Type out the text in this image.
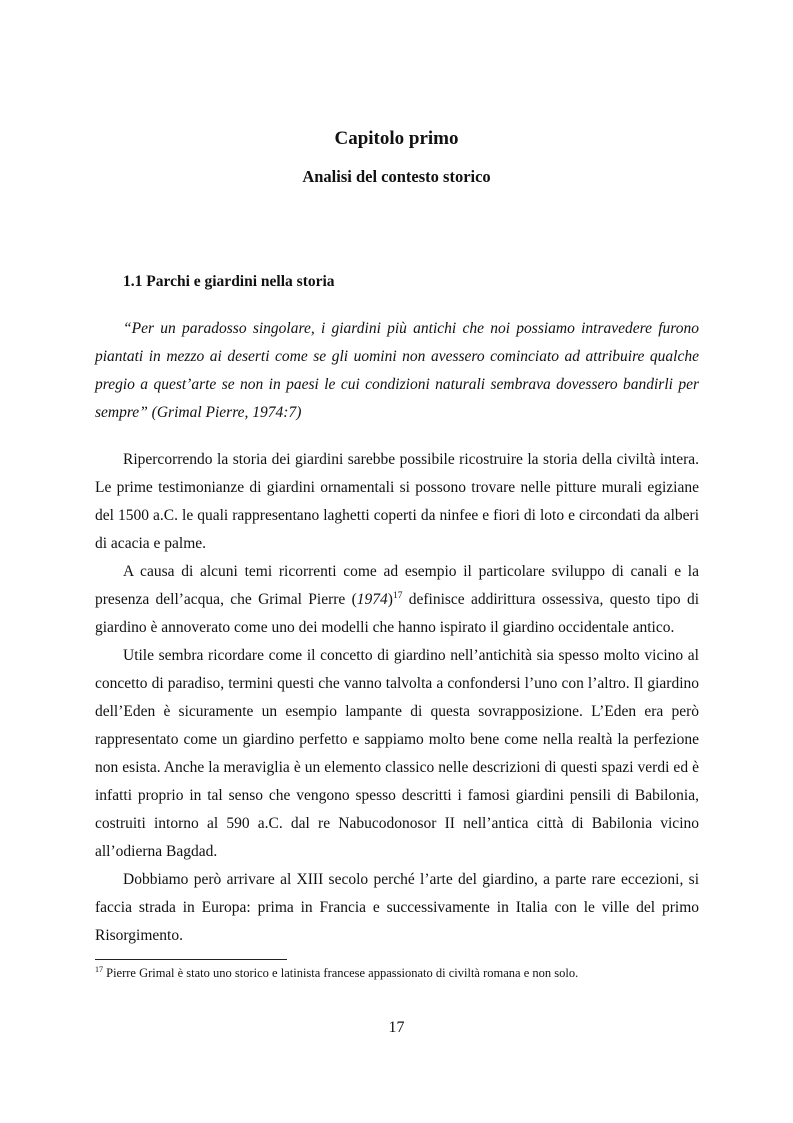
Capitolo primo
Analisi del contesto storico
1.1 Parchi e giardini nella storia

“Per un paradosso singolare, i giardini più antichi che noi possiamo intravedere furono piantati in mezzo ai deserti come se gli uomini non avessero cominciato ad attribuire qualche pregio a quest’arte se non in paesi le cui condizioni naturali sembrava dovessero bandirli per sempre” (Grimal Pierre, 1974:7)

Ripercorrendo la storia dei giardini sarebbe possibile ricostruire la storia della civiltà intera. Le prime testimonianze di giardini ornamentali si possono trovare nelle pitture murali egiziane del 1500 a.C. le quali rappresentano laghetti coperti da ninfee e fiori di loto e circondati da alberi di acacia e palme.

A causa di alcuni temi ricorrenti come ad esempio il particolare sviluppo di canali e la presenza dell’acqua, che Grimal Pierre (1974)$^{17}$ definisce addirittura ossessiva, questo tipo di giardino è annoverato come uno dei modelli che hanno ispirato il giardino occidentale antico.

Utile sembra ricordare come il concetto di giardino nell’antichità sia spesso molto vicino al concetto di paradiso, termini questi che vanno talvolta a confondersi l’uno con l’altro. Il giardino dell’Eden è sicuramente un esempio lampante di questa sovrapposizione. L’Eden era però rappresentato come un giardino perfetto e sappiamo molto bene come nella realtà la perfezione non esista. Anche la meraviglia è un elemento classico nelle descrizioni di questi spazi verdi ed è infatti proprio in tal senso che vengono spesso descritti i famosi giardini pensili di Babilonia, costruiti intorno al 590 a.C. dal re Nabucodonosor II nell’antica città di Babilonia vicino all’odierna Bagdad.

Dobbiamo però arrivare al XIII secolo perché l’arte del giardino, a parte rare eccezioni, si faccia strada in Europa: prima in Francia e successivamente in Italia con le ville del primo Risorgimento.

$^{17}$ Pierre Grimal è stato uno storico e latinista francese appassionato di civiltà romana e non solo.

17
